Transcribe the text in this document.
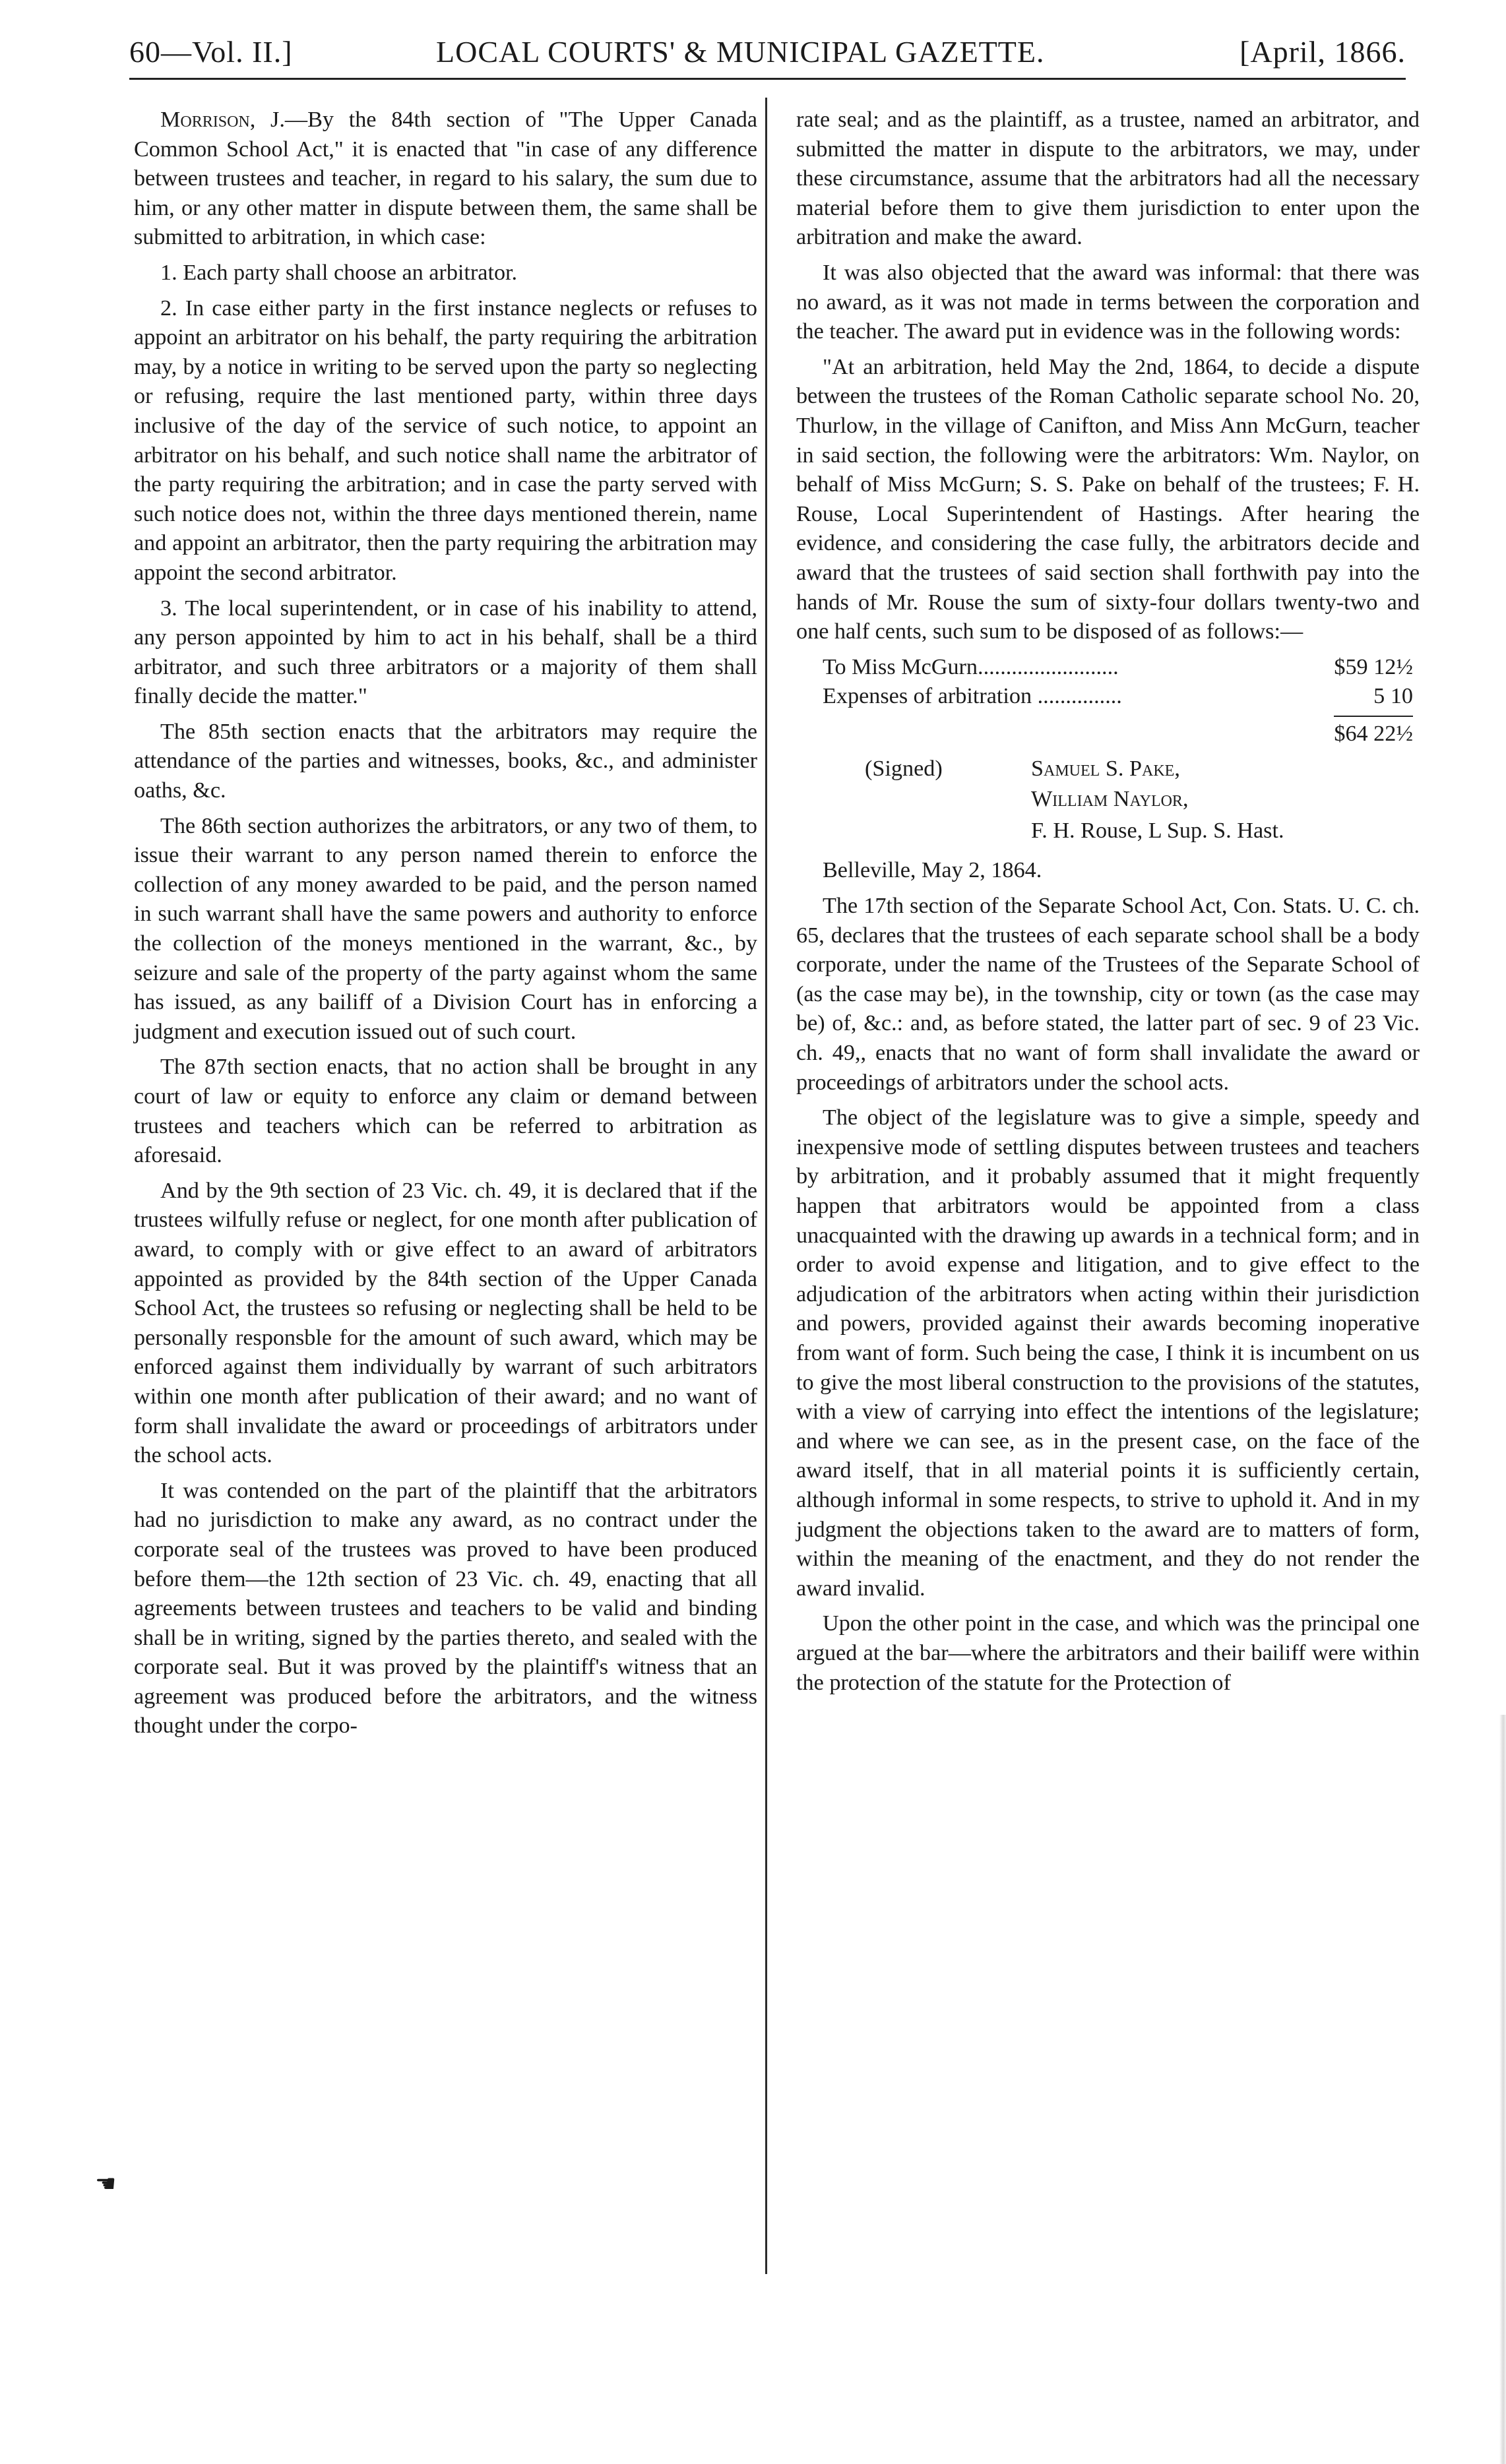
60—Vol. II.]	LOCAL COURTS' & MUNICIPAL GAZETTE.	[April, 1866.
☚

Morrison, J.—By the 84th section of "The Upper Canada Common School Act," it is enacted that "in case of any difference between trustees and teacher, in regard to his salary, the sum due to him, or any other matter in dispute between them, the same shall be submitted to arbitration, in which case:

1. Each party shall choose an arbitrator.

2. In case either party in the first instance neglects or refuses to appoint an arbitrator on his behalf, the party requiring the arbitration may, by a notice in writing to be served upon the party so neglecting or refusing, require the last mentioned party, within three days inclusive of the day of the service of such notice, to appoint an arbitrator on his behalf, and such notice shall name the arbitrator of the party requiring the arbitration; and in case the party served with such notice does not, within the three days mentioned therein, name and appoint an arbitrator, then the party requiring the arbitration may appoint the second arbitrator.

3. The local superintendent, or in case of his inability to attend, any person appointed by him to act in his behalf, shall be a third arbitrator, and such three arbitrators or a majority of them shall finally decide the matter."

The 85th section enacts that the arbitrators may require the attendance of the parties and witnesses, books, &c., and administer oaths, &c.

The 86th section authorizes the arbitrators, or any two of them, to issue their warrant to any person named therein to enforce the collection of any money awarded to be paid, and the person named in such warrant shall have the same powers and authority to enforce the collection of the moneys mentioned in the warrant, &c., by seizure and sale of the property of the party against whom the same has issued, as any bailiff of a Division Court has in enforcing a judgment and execution issued out of such court.

The 87th section enacts, that no action shall be brought in any court of law or equity to enforce any claim or demand between trustees and teachers which can be referred to arbitration as aforesaid.

And by the 9th section of 23 Vic. ch. 49, it is declared that if the trustees wilfully refuse or neglect, for one month after publication of award, to comply with or give effect to an award of arbitrators appointed as provided by the 84th section of the Upper Canada School Act, the trustees so refusing or neglecting shall be held to be personally responsble for the amount of such award, which may be enforced against them individually by warrant of such arbitrators within one month after publication of their award; and no want of form shall invalidate the award or proceedings of arbitrators under the school acts.

It was contended on the part of the plaintiff that the arbitrators had no jurisdiction to make any award, as no contract under the corporate seal of the trustees was proved to have been produced before them—the 12th section of 23 Vic. ch. 49, enacting that all agreements between trustees and teachers to be valid and binding shall be in writing, signed by the parties thereto, and sealed with the corporate seal. But it was proved by the plaintiff's witness that an agreement was produced before the arbitrators, and the witness thought under the corpo-

rate seal; and as the plaintiff, as a trustee, named an arbitrator, and submitted the matter in dispute to the arbitrators, we may, under these circumstance, assume that the arbitrators had all the necessary material before them to give them jurisdiction to enter upon the arbitration and make the award.

It was also objected that the award was informal: that there was no award, as it was not made in terms between the corporation and the teacher. The award put in evidence was in the following words:

"At an arbitration, held May the 2nd, 1864, to decide a dispute between the trustees of the Roman Catholic separate school No. 20, Thurlow, in the village of Canifton, and Miss Ann McGurn, teacher in said section, the following were the arbitrators: Wm. Naylor, on behalf of Miss McGurn; S. S. Pake on behalf of the trustees; F. H. Rouse, Local Superintendent of Hastings. After hearing the evidence, and considering the case fully, the arbitrators decide and award that the trustees of said section shall forthwith pay into the hands of Mr. Rouse the sum of sixty-four dollars twenty-two and one half cents, such sum to be disposed of as follows:—

To Miss McGurn.........................	$59 12½
Expenses of arbitration ...............	5 10

$64 22½

(Signed)	Samuel S. Pake,
William Naylor,
F. H. Rouse, L Sup. S. Hast.

Belleville, May 2, 1864.

The 17th section of the Separate School Act, Con. Stats. U. C. ch. 65, declares that the trustees of each separate school shall be a body corporate, under the name of the Trustees of the Separate School of (as the case may be), in the township, city or town (as the case may be) of, &c.: and, as before stated, the latter part of sec. 9 of 23 Vic. ch. 49,, enacts that no want of form shall invalidate the award or proceedings of arbitrators under the school acts.

The object of the legislature was to give a simple, speedy and inexpensive mode of settling disputes between trustees and teachers by arbitration, and it probably assumed that it might frequently happen that arbitrators would be appointed from a class unacquainted with the drawing up awards in a technical form; and in order to avoid expense and litigation, and to give effect to the adjudication of the arbitrators when acting within their jurisdiction and powers, provided against their awards becoming inoperative from want of form. Such being the case, I think it is incumbent on us to give the most liberal construction to the provisions of the statutes, with a view of carrying into effect the intentions of the legislature; and where we can see, as in the present case, on the face of the award itself, that in all material points it is sufficiently certain, although informal in some respects, to strive to uphold it. And in my judgment the objections taken to the award are to matters of form, within the meaning of the enactment, and they do not render the award invalid.

Upon the other point in the case, and which was the principal one argued at the bar—where the arbitrators and their bailiff were within the protection of the statute for the Protection of
